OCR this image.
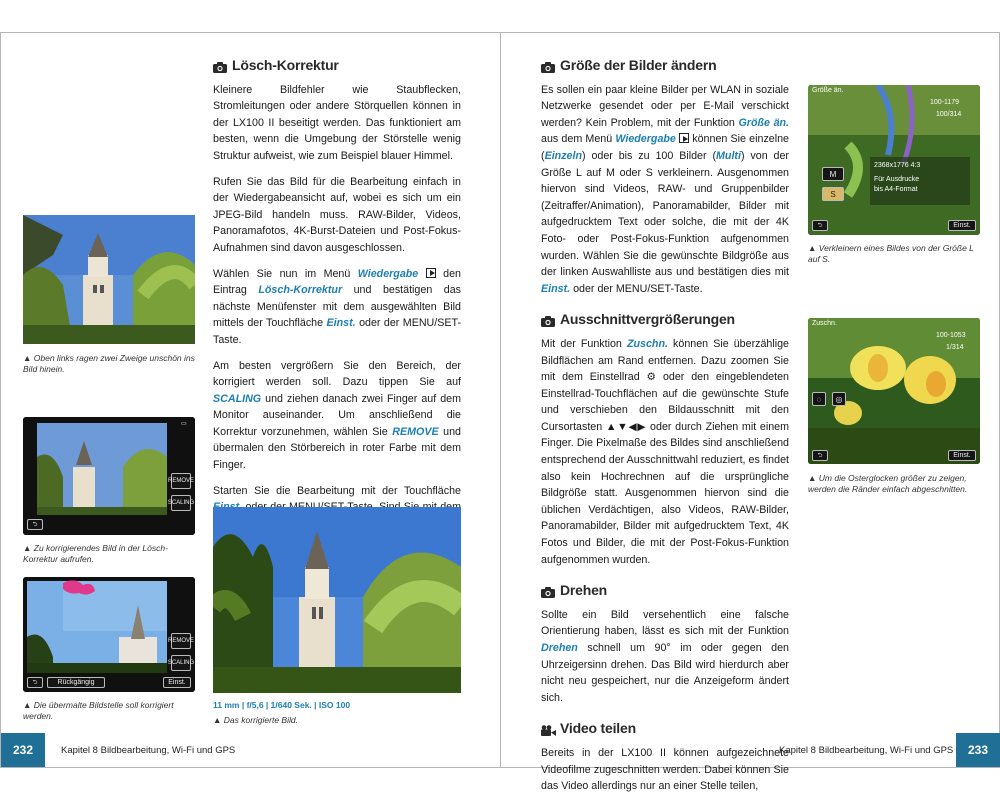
Lösch-Korrektur

Kleinere Bildfehler wie Staubflecken, Stromleitungen oder andere Störquellen können in der LX100 II beseitigt werden. Das funktioniert am besten, wenn die Umgebung der Störstelle wenig Struktur aufweist, wie zum Beispiel blauer Himmel.

Rufen Sie das Bild für die Bearbeitung einfach in der Wiedergabeansicht auf, wobei es sich um ein JPEG-Bild handeln muss. RAW-Bilder, Videos, Panoramafotos, 4K-Burst-Dateien und Post-Fokus-Aufnahmen sind davon ausgeschlossen.

Wählen Sie nun im Menü Wiedergabe  den Eintrag Lösch-Korrektur und bestätigen das nächste Menüfenster mit dem ausgewählten Bild mittels der Touchfläche Einst. oder der MENU/SET-Taste.

Am besten vergrößern Sie den Bereich, der korrigiert werden soll. Dazu tippen Sie auf SCALING und ziehen danach zwei Finger auf dem Monitor auseinander. Um anschließend die Korrektur vorzunehmen, wählen Sie REMOVE und übermalen den Störbereich in roter Farbe mit dem Finger.

Starten Sie die Bearbeitung mit der Touchfläche

▲ Oben links ragen zwei Zweige unschön ins Bild hinein.
REMOVE
SCALING
⮌
▭
▲ Zu korrigierendes Bild in der Lösch-Korrektur aufrufen.
REMOVE
SCALING
⮌	Rückgängig	Einst.
▲ Die übermalte Bildstelle soll korrigiert werden.
11 mm | f/5,6 | 1/640 Sek. | ISO 100
▲ Das korrigierte Bild.
232	Kapitel 8 Bildbearbeitung, Wi-Fi und GPS
Größe der Bilder ändern

Es sollen ein paar kleine Bilder per WLAN in soziale Netzwerke gesendet oder per E-Mail verschickt werden? Kein Problem, mit der Funktion Größe än. aus dem Menü Wiedergabe  können Sie einzelne (Einzeln) oder bis zu 100 Bilder (Multi) von der Größe L auf M oder S verkleinern. Ausgenommen hiervon sind Videos, RAW- und Gruppenbilder (Zeitraffer/Animation), Panoramabilder, Bilder mit aufgedrucktem Text oder solche, die mit der 4K Foto- oder Post-Fokus-Funktion aufgenommen wurden. Wählen Sie die gewünschte Bildgröße aus der linken Auswahlliste aus und bestätigen dies mit Einst. oder der MENU/SET-Taste.

Ausschnittvergrößerungen

Mit der Funktion Zuschn. können Sie überzählige Bildflächen am Rand entfernen. Dazu zoomen Sie mit dem Einstellrad ⚙ oder den eingeblendeten Einstellrad-Touchflächen auf die gewünschte Stufe und verschieben den Bildausschnitt mit den Cursortasten ▲▼◀▶ oder durch Ziehen mit einem Finger. Die Pixelmaße des Bildes sind anschließend entsprechend der Ausschnittwahl reduziert, es findet also kein Hochrechnen auf die ursprüngliche Bildgröße statt. Ausgenommen hiervon sind die üblichen Verdächtigen, also Videos, RAW-Bilder, Panoramabilder, Bilder mit aufgedrucktem Text, 4K Fotos und Bilder, die mit der Post-Fokus-Funktion aufgenommen wurden.

Drehen

Sollte ein Bild versehentlich eine falsche Orientierung haben, lässt es sich mit der Funktion Drehen schnell um 90° im oder gegen den Uhrzeigersinn drehen. Das Bild wird hierdurch aber nicht neu gespeichert, nur die Anzeigeform ändert sich.

Video teilen

Bereits in der LX100 II können aufgezeichnete Videofilme zugeschnitten werden. Dabei können Sie das Video allerdings nur an einer Stelle teilen,

Größe än.
100-1179
100/314
2368x1776 4:3
Für Ausdrucke
bis A4-Format
M
S
⮌	Einst.
▲ Verkleinern eines Bildes von der Größe L auf S.
Zuschn.
100-1053
1/314
◌	◎
⮌	Einst.
▲ Um die Osterglocken größer zu zeigen, werden die Ränder einfach abgeschnitten.
Kapitel 8 Bildbearbeitung, Wi-Fi und GPS	233
